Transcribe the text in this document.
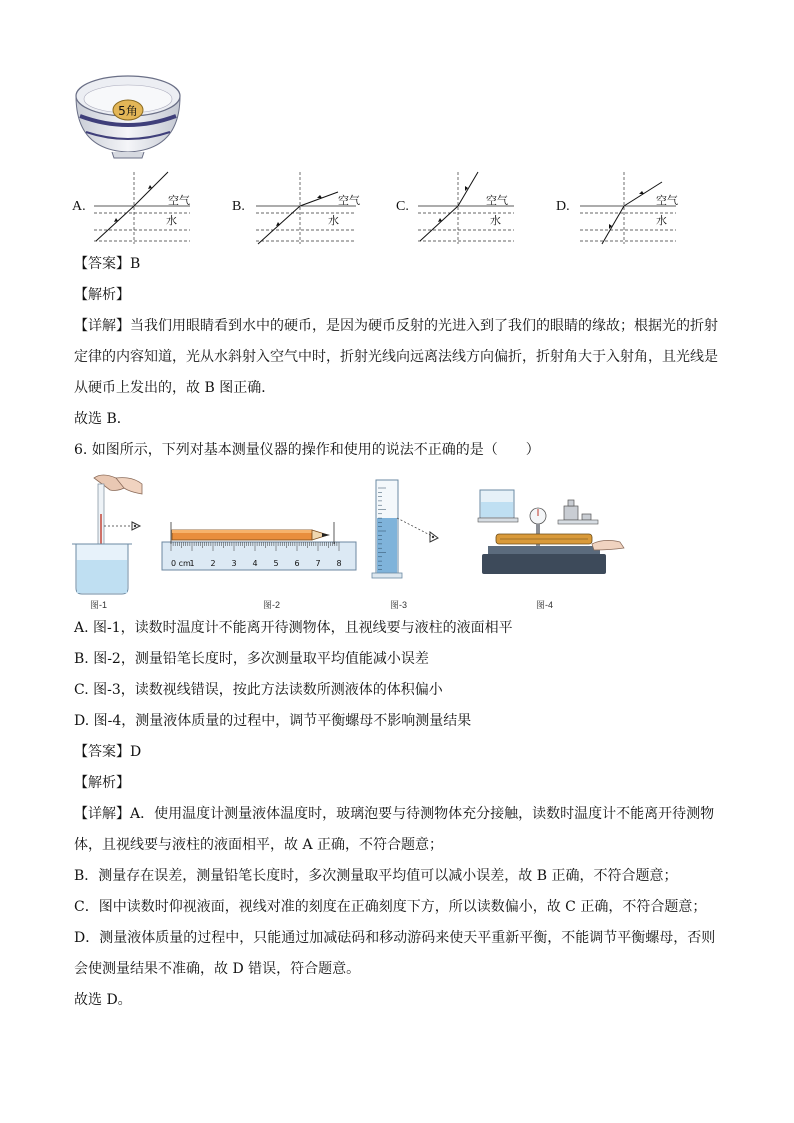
5角
A.	空气
水
B.	空气
水
C.	空气
水
D.	空气
水
【答案】B
【解析】
【详解】当我们用眼睛看到水中的硬币，是因为硬币反射的光进入到了我们的眼睛的缘故；根据光的折射
定律的内容知道，光从水斜射入空气中时，折射光线向远离法线方向偏折，折射角大于入射角，且光线是
从硬币上发出的，故 B 图正确．
故选 B．
6. 如图所示，下列对基本测量仪器的操作和使用的说法不正确的是（　　）
图-1
0 cm
1 2 3 4 5 6 7 8
图-2	图-3	图-4
A. 图-1，读数时温度计不能离开待测物体，且视线要与液柱的液面相平
B. 图-2，测量铅笔长度时，多次测量取平均值能减小误差
C. 图-3，读数视线错误，按此方法读数所测液体的体积偏小
D. 图-4，测量液体质量的过程中，调节平衡螺母不影响测量结果
【答案】D
【解析】
【详解】A．使用温度计测量液体温度时，玻璃泡要与待测物体充分接触，读数时温度计不能离开待测物
体，且视线要与液柱的液面相平，故 A 正确，不符合题意；
B．测量存在误差，测量铅笔长度时，多次测量取平均值可以减小误差，故 B 正确，不符合题意；
C．图中读数时仰视液面，视线对准的刻度在正确刻度下方，所以读数偏小，故 C 正确，不符合题意；
D．测量液体质量的过程中，只能通过加减砝码和移动游码来使天平重新平衡，不能调节平衡螺母，否则
会使测量结果不准确，故 D 错误，符合题意。
故选 D。
